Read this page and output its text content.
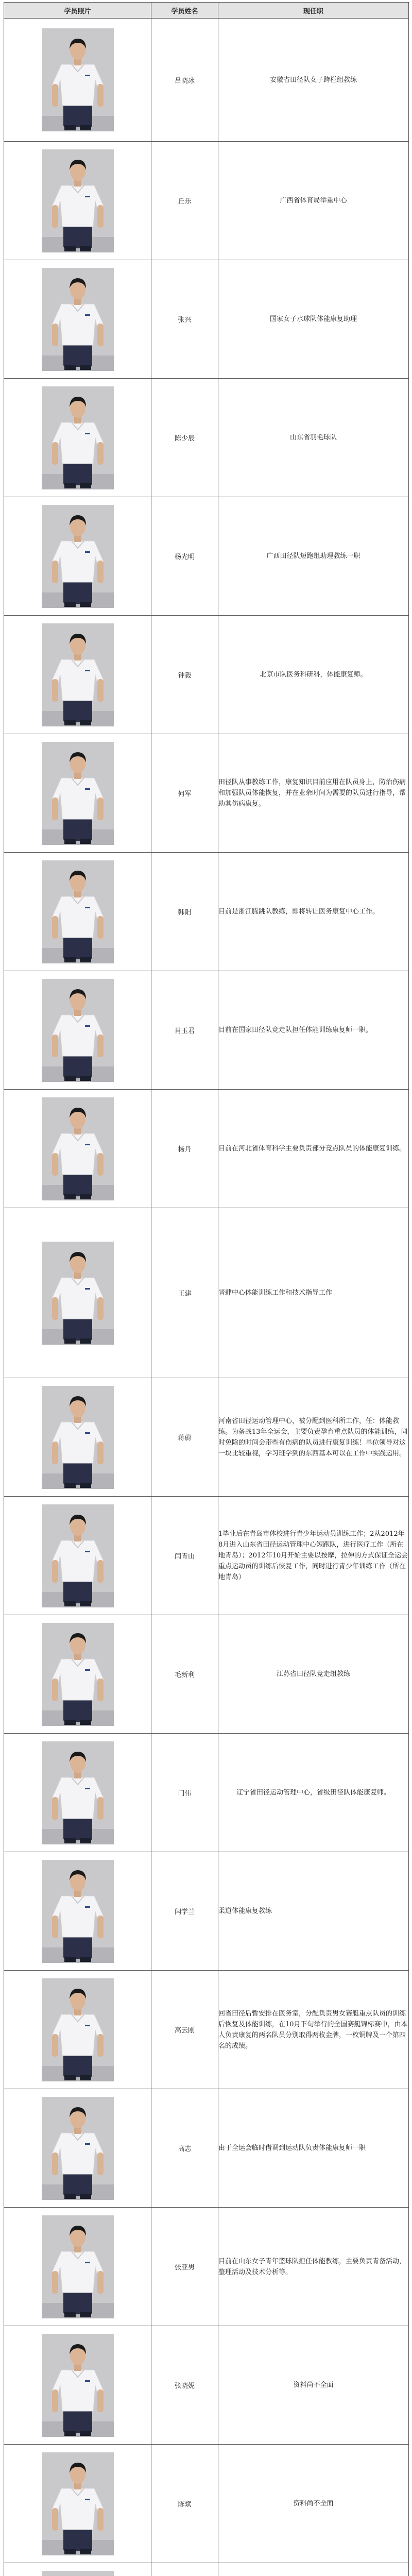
学员照片	学员姓名	现任职

	吕晓冰	安徽省田径队女子跨栏组教练

	丘乐	广西省体育局举重中心

	张兴	国家女子水球队体能康复助理

	陈少辰	山东省羽毛球队

	杨光明	广西田径队短跑组助理教练一职

	钟毅	北京市队医务科研科，体能康复师。

	何军	田径队从事教练工作，康复知识目前应用在队员身上，防治伤病和加强队员体能恢复，并在业余时间为需要的队员进行指导，帮助其伤病康复。

	韩阳	目前是浙江腾跳队教练，即将转让医务康复中心工作。

	肖玉君	目前在国家田径队竞走队担任体能训练康复师一职。

	杨丹	目前在河北省体育科学主要负责部分竞点队员的体能康复训练。

	王建	晋肆中心体能训练工作和技术指导工作

	蒋蔚	河南省田径运动管理中心，被分配到医科所工作，任：体能教练。为备战13年全运会，主要负责孕育重点队员的体能训练，同时免除的时间会带些有伤病的队员进行康复训练！单位领导对这一块比较重视，学习班学到的东西基本可以在工作中实践运用。

	闫青山	1毕业后在青岛市体校进行青少年运动员训练工作；2从2012年8月进入山东省田径运动管理中心短跑队，进行医疗工作（所在地青岛）；2012年10月开始主要以按摩，拉伸的方式保证全运会重点运动员的训练后恢复工作，同时进行青少年训练工作（所在地青岛）

	毛新利	江苏省田径队竞走组教练

	门伟	辽宁省田径运动管理中心，省级田径队体能康复师。

	闫学兰	柔道体能康复教练

	高云刚	回省田径后暂安排在医务室，分配负责男女赛艇重点队员的训练后恢复及体能训练，在10月下旬举行的全国赛艇锦标赛中，由本人负责康复的两名队员分别取得两枚金牌，一枚铜牌及一个第四名的成绩。

	高志	由于全运会临时借调到运动队负责体能康复师一职

	张亚男	目前在山东女子青年篮球队担任体能教练，主要负责青备活动，整理活动及技术分析等。

	张晓妮	资料尚不全面

	陈斌	资料尚不全面
